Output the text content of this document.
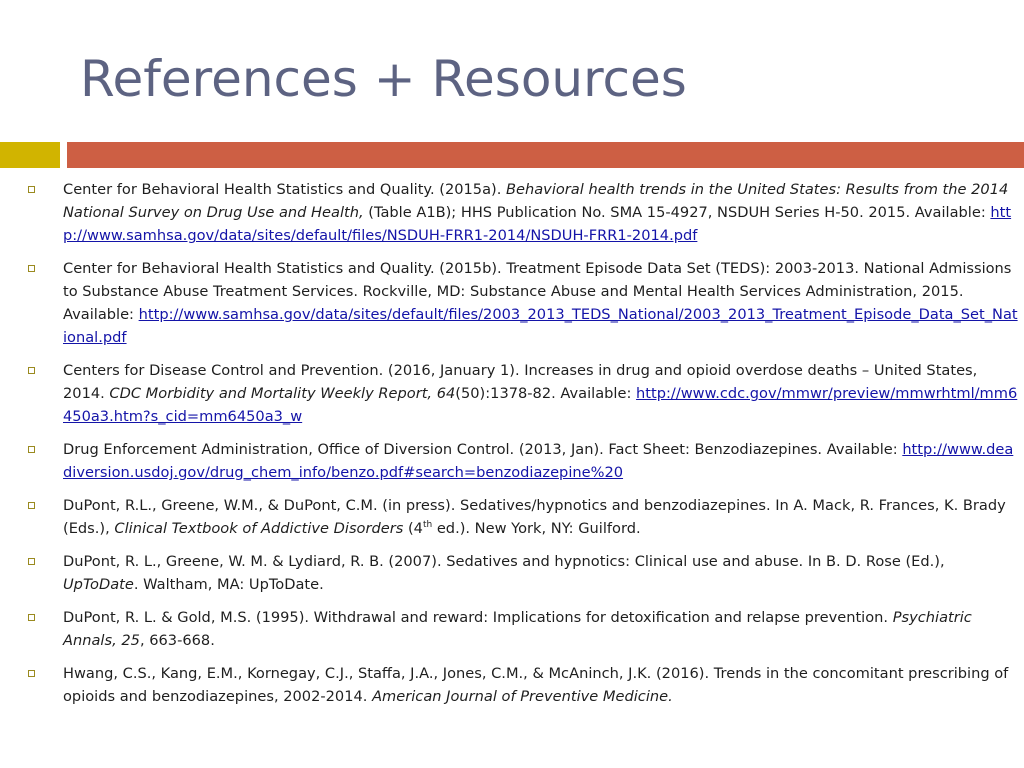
References + Resources
Center for Behavioral Health Statistics and Quality. (2015a). Behavioral health trends in the United States: Results from the 2014 National Survey on Drug Use and Health, (Table A1B); HHS Publication No. SMA 15-4927, NSDUH Series H-50. 2015. Available: http://www.samhsa.gov/data/sites/default/files/NSDUH-FRR1-2014/NSDUH-FRR1-2014.pdf
Center for Behavioral Health Statistics and Quality. (2015b). Treatment Episode Data Set (TEDS): 2003-2013. National Admissions to Substance Abuse Treatment Services. Rockville, MD: Substance Abuse and Mental Health Services Administration, 2015. Available: http://www.samhsa.gov/data/sites/default/files/2003_2013_TEDS_National/2003_2013_Treatment_Episode_Data_Set_National.pdf
Centers for Disease Control and Prevention. (2016, January 1). Increases in drug and opioid overdose deaths – United States, 2014. CDC Morbidity and Mortality Weekly Report, 64(50):1378-82. Available: http://www.cdc.gov/mmwr/preview/mmwrhtml/mm6450a3.htm?s_cid=mm6450a3_w
Drug Enforcement Administration, Office of Diversion Control. (2013, Jan). Fact Sheet: Benzodiazepines. Available: http://www.deadiversion.usdoj.gov/drug_chem_info/benzo.pdf#search=benzodiazepine%20
DuPont, R.L., Greene, W.M., & DuPont, C.M. (in press). Sedatives/hypnotics and benzodiazepines. In A. Mack, R. Frances, K. Brady (Eds.), Clinical Textbook of Addictive Disorders (4th ed.). New York, NY: Guilford.
DuPont, R. L., Greene, W. M. & Lydiard, R. B. (2007). Sedatives and hypnotics: Clinical use and abuse. In B. D. Rose (Ed.), UpToDate. Waltham, MA: UpToDate.
DuPont, R. L. & Gold, M.S. (1995). Withdrawal and reward: Implications for detoxification and relapse prevention. Psychiatric Annals, 25, 663-668.
Hwang, C.S., Kang, E.M., Kornegay, C.J., Staffa, J.A., Jones, C.M., & McAninch, J.K. (2016). Trends in the concomitant prescribing of opioids and benzodiazepines, 2002-2014. American Journal of Preventive Medicine.
